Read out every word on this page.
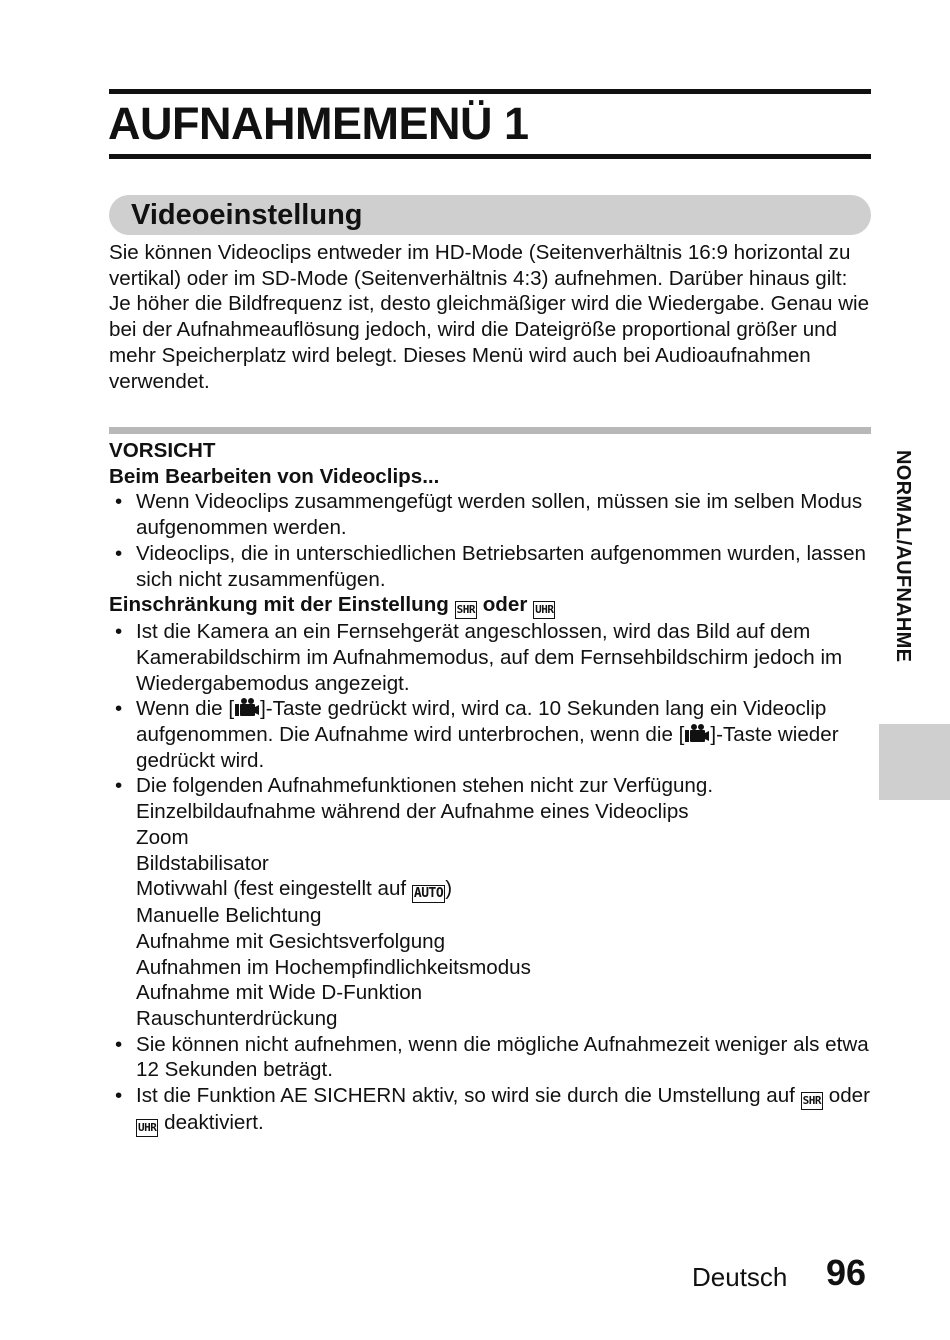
AUFNAHMEMENÜ 1
Videoeinstellung

Sie können Videoclips entweder im HD-Mode (Seitenverhältnis 16:9 horizontal zu vertikal) oder im SD-Mode (Seitenverhältnis 4:3) aufnehmen. Darüber hinaus gilt: Je höher die Bildfrequenz ist, desto gleichmäßiger wird die Wiedergabe. Genau wie bei der Aufnahmeauflösung jedoch, wird die Dateigröße proportional größer und mehr Speicherplatz wird belegt. Dieses Menü wird auch bei Audioaufnahmen verwendet.

VORSICHT
Beim Bearbeiten von Videoclips...
• Wenn Videoclips zusammengefügt werden sollen, müssen sie im selben Modus aufgenommen werden.
• Videoclips, die in unterschiedlichen Betriebsarten aufgenommen wurden, lassen sich nicht zusammenfügen.
Einschränkung mit der Einstellung SHR oder UHR
• Ist die Kamera an ein Fernsehgerät angeschlossen, wird das Bild auf dem Kamerabildschirm im Aufnahmemodus, auf dem Fernsehbildschirm jedoch im Wiedergabemodus angezeigt.
• Wenn die [ ]-Taste gedrückt wird, wird ca. 10 Sekunden lang ein Videoclip aufgenommen. Die Aufnahme wird unterbrochen, wenn die [ ]-Taste wieder gedrückt wird.
• Die folgenden Aufnahmefunktionen stehen nicht zur Verfügung.
Einzelbildaufnahme während der Aufnahme eines Videoclips
Zoom
Bildstabilisator
Motivwahl (fest eingestellt auf AUTO)
Manuelle Belichtung
Aufnahme mit Gesichtsverfolgung
Aufnahmen im Hochempfindlichkeitsmodus
Aufnahme mit Wide D-Funktion
Rauschunterdrückung
• Sie können nicht aufnehmen, wenn die mögliche Aufnahmezeit weniger als etwa 12 Sekunden beträgt.
• Ist die Funktion AE SICHERN aktiv, so wird sie durch die Umstellung auf SHR oder UHR deaktiviert.
NORMAL/AUFNAHME
Deutsch 96
